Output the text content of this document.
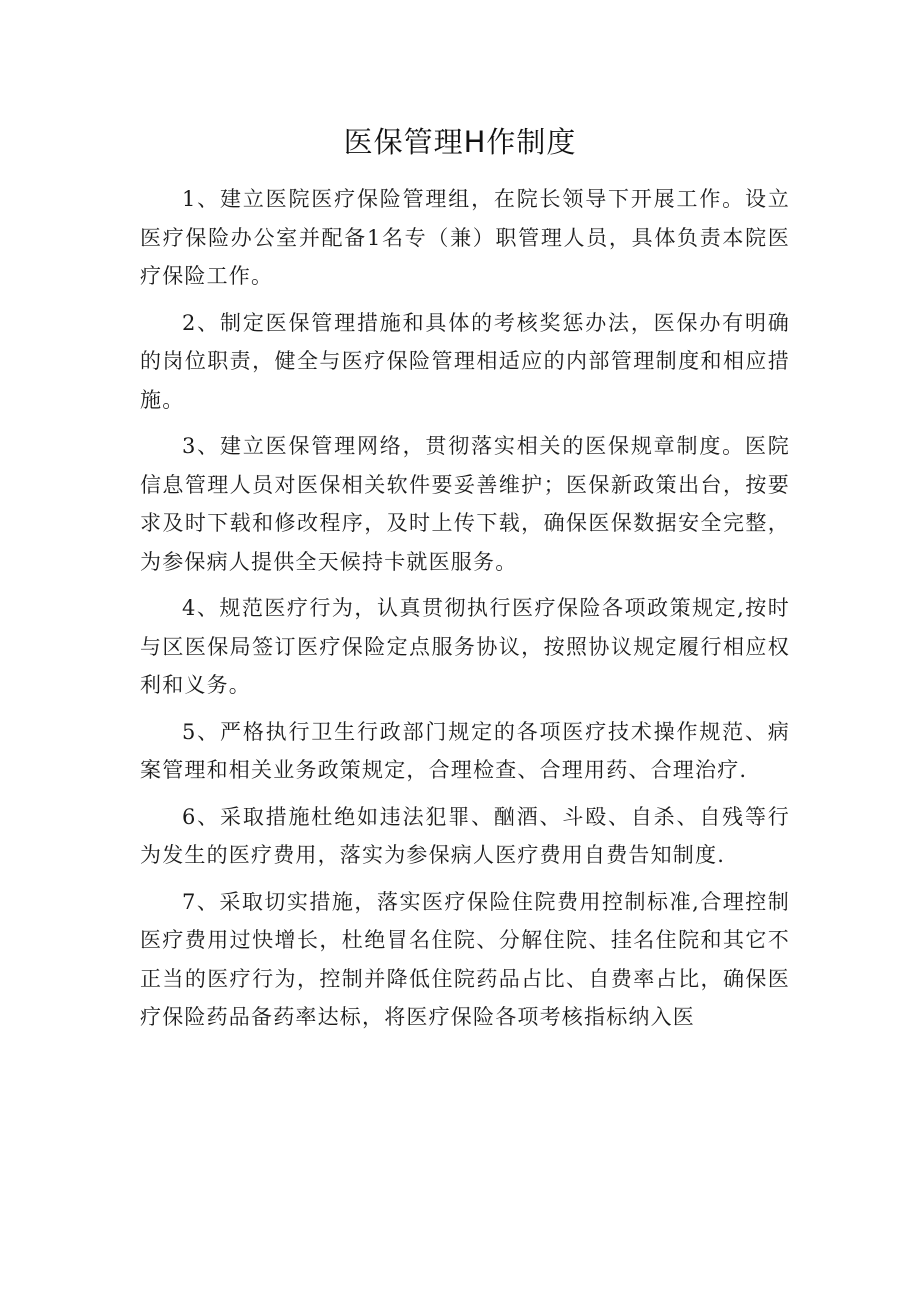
医保管理H作制度

1、建立医院医疗保险管理组，在院长领导下开展工作。设立医疗保险办公室并配备1名专（兼）职管理人员，具体负责本院医疗保险工作。

2、制定医保管理措施和具体的考核奖惩办法，医保办有明确的岗位职责，健全与医疗保险管理相适应的内部管理制度和相应措施。

3、建立医保管理网络，贯彻落实相关的医保规章制度。医院信息管理人员对医保相关软件要妥善维护；医保新政策出台，按要求及时下载和修改程序，及时上传下载，确保医保数据安全完整，为参保病人提供全天候持卡就医服务。

4、规范医疗行为，认真贯彻执行医疗保险各项政策规定,按时与区医保局签订医疗保险定点服务协议，按照协议规定履行相应权利和义务。

5、严格执行卫生行政部门规定的各项医疗技术操作规范、病案管理和相关业务政策规定，合理检查、合理用药、合理治疗.

6、采取措施杜绝如违法犯罪、酗酒、斗殴、自杀、自残等行为发生的医疗费用，落实为参保病人医疗费用自费告知制度.

7、采取切实措施，落实医疗保险住院费用控制标准,合理控制医疗费用过快增长，杜绝冒名住院、分解住院、挂名住院和其它不正当的医疗行为，控制并降低住院药品占比、自费率占比，确保医疗保险药品备药率达标，将医疗保险各项考核指标纳入医
